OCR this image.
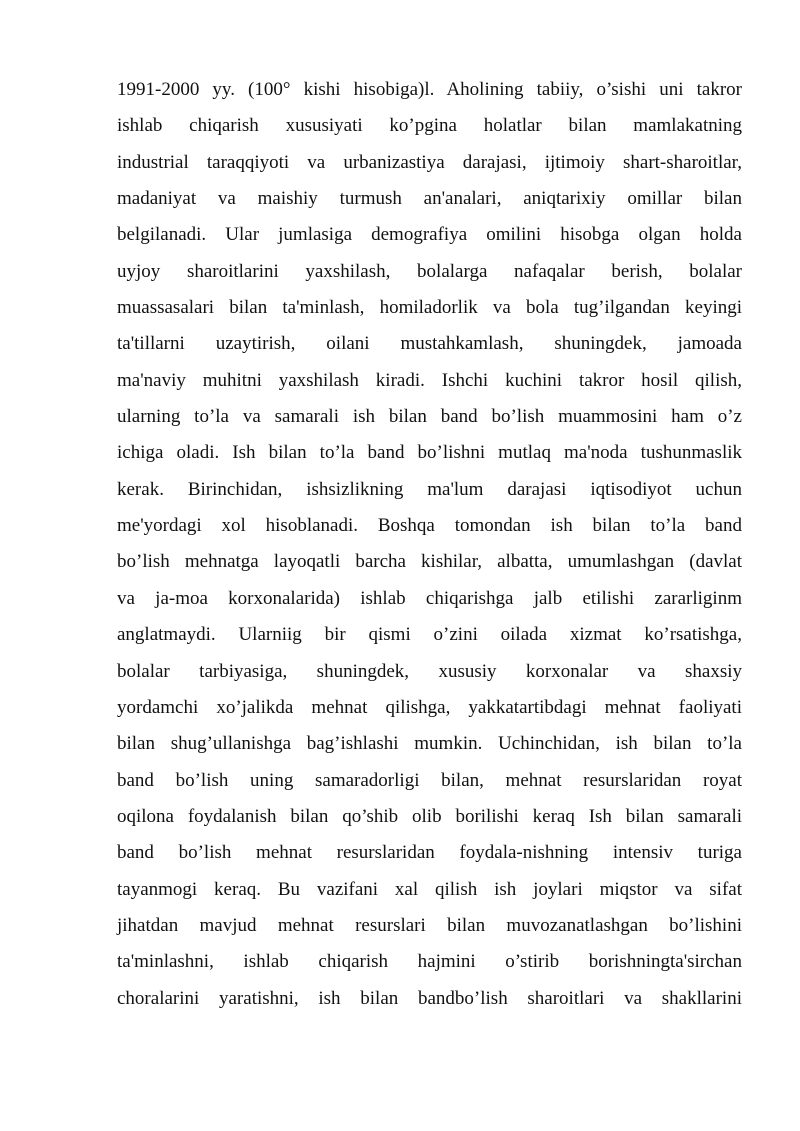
1991-2000 yy. (100° kishi hisobiga)l. Aholining tabiiy, o’sishi uni takror
ishlab chiqarish xususiyati ko’pgina holatlar bilan mamlakatning
industrial taraqqiyoti va urbanizastiya darajasi, ijtimoiy shart-sharoitlar,
madaniyat va maishiy turmush an'analari, aniqtarixiy omillar bilan
belgilanadi. Ular jumlasiga demografiya omilini hisobga olgan holda
uyjoy sharoitlarini yaxshilash, bolalarga nafaqalar berish, bolalar
muassasalari bilan ta'minlash, homiladorlik va bola tug’ilgandan keyingi
ta'tillarni uzaytirish, oilani mustahkamlash, shuningdek, jamoada
ma'naviy muhitni yaxshilash kiradi. Ishchi kuchini takror hosil qilish,
ularning to’la va samarali ish bilan band bo’lish muammosini ham o’z
ichiga oladi. Ish bilan to’la band bo’lishni mutlaq ma'noda tushunmaslik
kerak. Birinchidan, ishsizlikning ma'lum darajasi iqtisodiyot uchun
me'yordagi xol hisoblanadi. Boshqa tomondan ish bilan to’la band
bo’lish mehnatga layoqatli barcha kishilar, albatta, umumlashgan (davlat
va ja-moa korxonalarida) ishlab chiqarishga jalb etilishi zararliginm
anglatmaydi. Ularniig bir qismi o’zini oilada xizmat ko’rsatishga,
bolalar tarbiyasiga, shuningdek, xususiy korxonalar va shaxsiy
yordamchi xo’jalikda mehnat qilishga, yakkatartibdagi mehnat faoliyati
bilan shug’ullanishga bag’ishlashi mumkin. Uchinchidan, ish bilan to’la
band bo’lish uning samaradorligi bilan, mehnat resurslaridan royat
oqilona foydalanish bilan qo’shib olib borilishi keraq Ish bilan samarali
band bo’lish mehnat resurslaridan foydala-nishning intensiv turiga
tayanmogi keraq. Bu vazifani xal qilish ish joylari miqstor va sifat
jihatdan mavjud mehnat resurslari bilan muvozanatlashgan bo’lishini
ta'minlashni, ishlab chiqarish hajmini o’stirib borishningta'sirchan
choralarini yaratishni, ish bilan bandbo’lish sharoitlari va shakllarini
